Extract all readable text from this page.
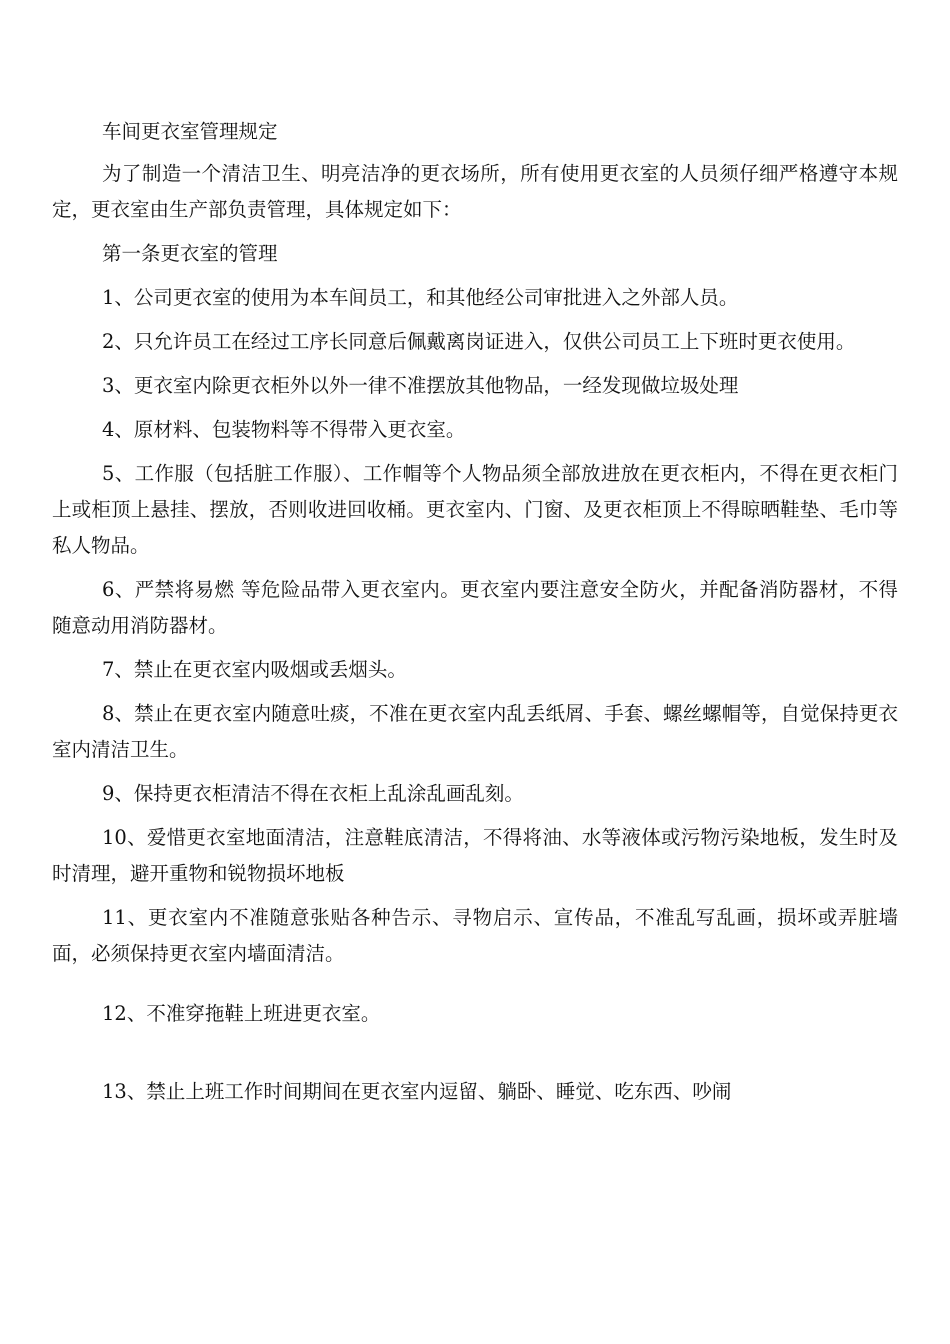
车间更衣室管理规定

为了制造一个清洁卫生、明亮洁净的更衣场所，所有使用更衣室的人员须仔细严格遵守本规定，更衣室由生产部负责管理，具体规定如下：

第一条更衣室的管理

1、公司更衣室的使用为本车间员工，和其他经公司审批进入之外部人员。

2、只允许员工在经过工序长同意后佩戴离岗证进入，仅供公司员工上下班时更衣使用。

3、更衣室内除更衣柜外以外一律不准摆放其他物品，一经发现做垃圾处理

4、原材料、包装物料等不得带入更衣室。

5、工作服（包括脏工作服）、工作帽等个人物品须全部放进放在更衣柜内，不得在更衣柜门上或柜顶上悬挂、摆放，否则收进回收桶。更衣室内、门窗、及更衣柜顶上不得晾晒鞋垫、毛巾等私人物品。

6、严禁将易燃 等危险品带入更衣室内。更衣室内要注意安全防火，并配备消防器材，不得随意动用消防器材。

7、禁止在更衣室内吸烟或丢烟头。

8、禁止在更衣室内随意吐痰，不准在更衣室内乱丢纸屑、手套、螺丝螺帽等，自觉保持更衣室内清洁卫生。

9、保持更衣柜清洁不得在衣柜上乱涂乱画乱刻。

10、爱惜更衣室地面清洁，注意鞋底清洁，不得将油、水等液体或污物污染地板，发生时及时清理，避开重物和锐物损坏地板

11、更衣室内不准随意张贴各种告示、寻物启示、宣传品，不准乱写乱画，损坏或弄脏墙面，必须保持更衣室内墙面清洁。

12、不准穿拖鞋上班进更衣室。

13、禁止上班工作时间期间在更衣室内逗留、躺卧、睡觉、吃东西、吵闹
